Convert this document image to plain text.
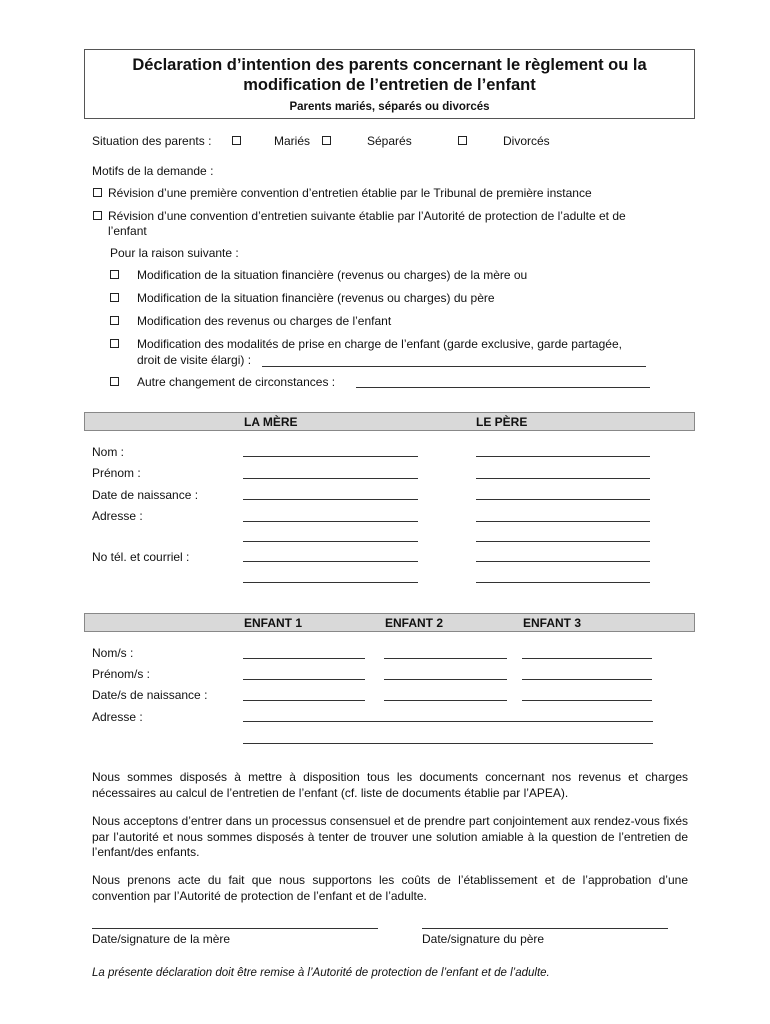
Déclaration d’intention des parents concernant le règlement ou la
modification de l’entretien de l’enfant
Parents mariés, séparés ou divorcés
Situation des parents :	Mariés	Séparés	Divorcés
Motifs de la demande :
Révision d’une première convention d’entretien établie par le Tribunal de première instance
Révision d’une convention d’entretien suivante établie par l’Autorité de protection de l’adulte et de
l’enfant
Pour la raison suivante :
Modification de la situation financière (revenus ou charges) de la mère ou
Modification de la situation financière (revenus ou charges) du père
Modification des revenus ou charges de l’enfant
Modification des modalités de prise en charge de l’enfant (garde exclusive, garde partagée,
droit de visite élargi) :
Autre changement de circonstances :
LA MÈRE	LE PÈRE
Nom :
Prénom :
Date de naissance :
Adresse :
No tél. et courriel :
ENFANT 1	ENFANT 2	ENFANT 3
Nom/s :
Prénom/s :
Date/s de naissance :
Adresse :
Nous sommes disposés à mettre à disposition tous les documents concernant nos revenus et charges nécessaires au calcul de l’entretien de l’enfant (cf. liste de documents établie par l’APEA).
Nous acceptons d’entrer dans un processus consensuel et de prendre part conjointement aux rendez-vous fixés par l’autorité et nous sommes disposés à tenter de trouver une solution amiable à la question de l’entretien de l’enfant/des enfants.
Nous prenons acte du fait que nous supportons les coûts de l’établissement et de l’approbation d’une convention par l’Autorité de protection de l’enfant et de l’adulte.
Date/signature de la mère	Date/signature du père
La présente déclaration doit être remise à l’Autorité de protection de l’enfant et de l’adulte.
